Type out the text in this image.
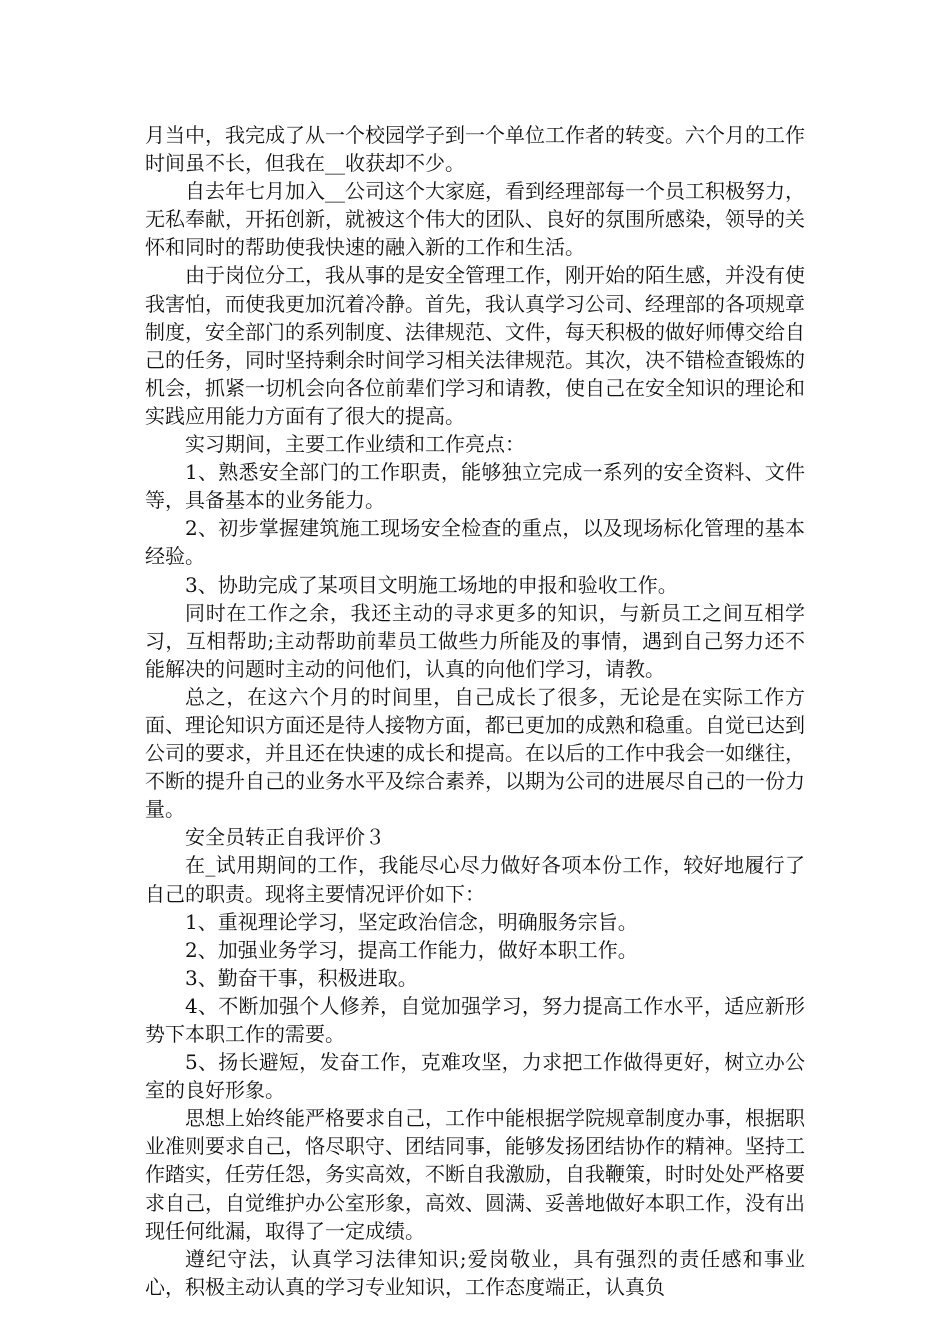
月当中，我完成了从一个校园学子到一个单位工作者的转变。六个月的工作时间虽不长，但我在__收获却不少。

自去年七月加入__公司这个大家庭，看到经理部每一个员工积极努力，无私奉献，开拓创新，就被这个伟大的团队、良好的氛围所感染，领导的关怀和同时的帮助使我快速的融入新的工作和生活。

由于岗位分工，我从事的是安全管理工作，刚开始的陌生感，并没有使我害怕，而使我更加沉着冷静。首先，我认真学习公司、经理部的各项规章制度，安全部门的系列制度、法律规范、文件，每天积极的做好师傅交给自己的任务，同时坚持剩余时间学习相关法律规范。其次，决不错检查锻炼的机会，抓紧一切机会向各位前辈们学习和请教，使自己在安全知识的理论和实践应用能力方面有了很大的提高。

实习期间，主要工作业绩和工作亮点：

1、熟悉安全部门的工作职责，能够独立完成一系列的安全资料、文件等，具备基本的业务能力。

2、初步掌握建筑施工现场安全检查的重点，以及现场标化管理的基本经验。

3、协助完成了某项目文明施工场地的申报和验收工作。

同时在工作之余，我还主动的寻求更多的知识，与新员工之间互相学习，互相帮助;主动帮助前辈员工做些力所能及的事情，遇到自己努力还不能解决的问题时主动的问他们，认真的向他们学习，请教。

总之，在这六个月的时间里，自己成长了很多，无论是在实际工作方面、理论知识方面还是待人接物方面，都已更加的成熟和稳重。自觉已达到公司的要求，并且还在快速的成长和提高。在以后的工作中我会一如继往，不断的提升自己的业务水平及综合素养，以期为公司的进展尽自己的一份力量。

安全员转正自我评价３

在_试用期间的工作，我能尽心尽力做好各项本份工作，较好地履行了自己的职责。现将主要情况评价如下：

1、重视理论学习，坚定政治信念，明确服务宗旨。

2、加强业务学习，提高工作能力，做好本职工作。

3、勤奋干事，积极进取。

4、不断加强个人修养，自觉加强学习，努力提高工作水平，适应新形势下本职工作的需要。

5、扬长避短，发奋工作，克难攻坚，力求把工作做得更好，树立办公室的良好形象。

思想上始终能严格要求自己，工作中能根据学院规章制度办事，根据职业准则要求自己，恪尽职守、团结同事，能够发扬团结协作的精神。坚持工作踏实，任劳任怨，务实高效，不断自我激励，自我鞭策，时时处处严格要求自己，自觉维护办公室形象，高效、圆满、妥善地做好本职工作，没有出现任何纰漏，取得了一定成绩。

遵纪守法，认真学习法律知识;爱岗敬业，具有强烈的责任感和事业心，积极主动认真的学习专业知识，工作态度端正，认真负
